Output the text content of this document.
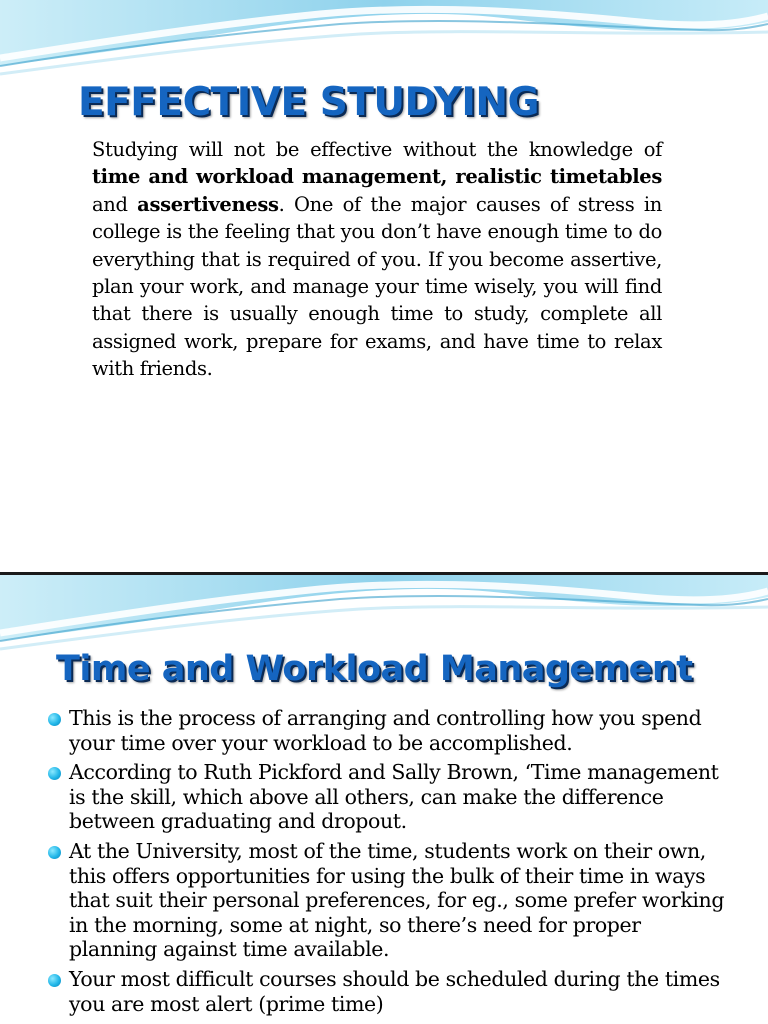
EFFECTIVE STUDYING

Studying will not be effective without the knowledge of time and workload management, realistic timetables and assertiveness. One of the major causes of stress in college is the feeling that you don’t have enough time to do everything that is required of you. If you become assertive, plan your work, and manage your time wisely, you will find that there is usually enough time to study, complete all assigned work, prepare for exams, and have time to relax with friends.

Time and Workload Management
This is the process of arranging and controlling how you spend your time over your workload to be accomplished.
According to Ruth Pickford and Sally Brown, ‘Time management is the skill, which above all others, can make the difference between graduating and dropout.
At the University, most of the time, students work on their own, this offers opportunities for using the bulk of their time in ways that suit their personal preferences, for eg., some prefer working in the morning, some at night, so there’s need for proper planning against time available.
Your most difficult courses should be scheduled during the times you are most alert (prime time)
